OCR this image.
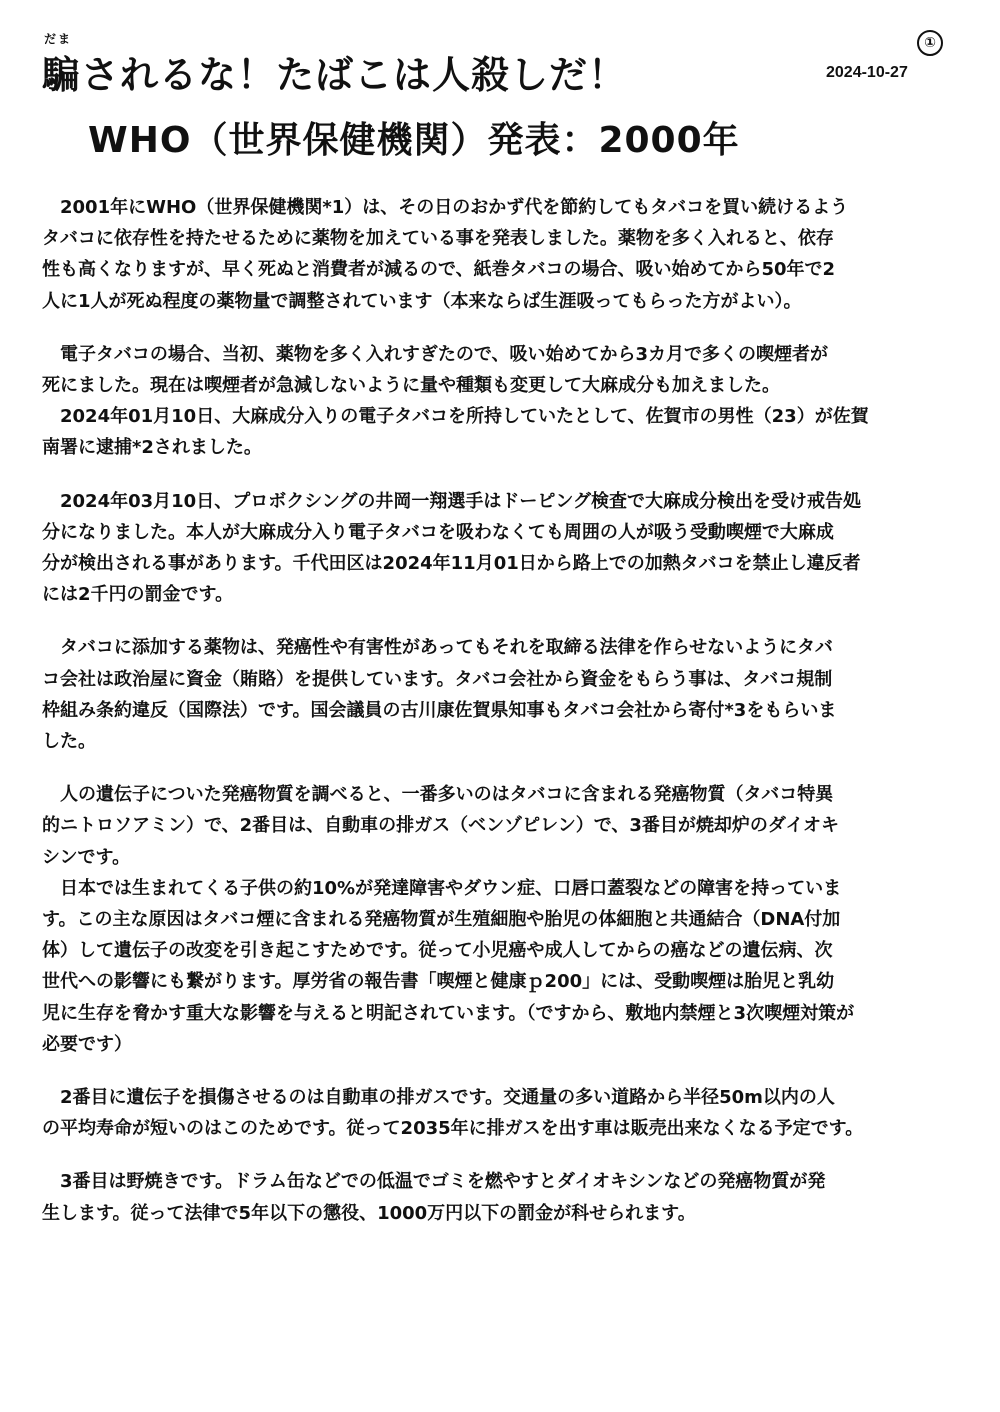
だま
騙されるな！たばこは人殺しだ！
①
2024-10-27
WHO（世界保健機関）発表：2000年
　2001年にWHO（世界保健機関*1）は、その日のおかず代を節約してもタバコを買い続けるよう
タバコに依存性を持たせるために薬物を加えている事を発表しました。薬物を多く入れると、依存
性も高くなりますが、早く死ぬと消費者が減るので、紙巻タバコの場合、吸い始めてから50年で2
人に1人が死ぬ程度の薬物量で調整されています（本来ならば生涯吸ってもらった方がよい）。
　電子タバコの場合、当初、薬物を多く入れすぎたので、吸い始めてから3カ月で多くの喫煙者が
死にました。現在は喫煙者が急減しないように量や種類も変更して大麻成分も加えました。
　2024年01月10日、大麻成分入りの電子タバコを所持していたとして、佐賀市の男性（23）が佐賀
南署に逮捕*2されました。
　2024年03月10日、プロボクシングの井岡一翔選手はドーピング検査で大麻成分検出を受け戒告処
分になりました。本人が大麻成分入り電子タバコを吸わなくても周囲の人が吸う受動喫煙で大麻成
分が検出される事があります。千代田区は2024年11月01日から路上での加熱タバコを禁止し違反者
には2千円の罰金です。
　タバコに添加する薬物は、発癌性や有害性があってもそれを取締る法律を作らせないようにタバ
コ会社は政治屋に資金（賄賂）を提供しています。タバコ会社から資金をもらう事は、タバコ規制
枠組み条約違反（国際法）です。国会議員の古川康佐賀県知事もタバコ会社から寄付*3をもらいま
した。
　人の遺伝子についた発癌物質を調べると、一番多いのはタバコに含まれる発癌物質（タバコ特異
的ニトロソアミン）で、2番目は、自動車の排ガス（ベンゾピレン）で、3番目が焼却炉のダイオキ
シンです。
　日本では生まれてくる子供の約10%が発達障害やダウン症、口唇口蓋裂などの障害を持っていま
す。この主な原因はタバコ煙に含まれる発癌物質が生殖細胞や胎児の体細胞と共通結合（DNA付加
体）して遺伝子の改変を引き起こすためです。従って小児癌や成人してからの癌などの遺伝病、次
世代への影響にも繋がります。厚労省の報告書「喫煙と健康ｐ200」には、受動喫煙は胎児と乳幼
児に生存を脅かす重大な影響を与えると明記されています。（ですから、敷地内禁煙と3次喫煙対策が
必要です）
　2番目に遺伝子を損傷させるのは自動車の排ガスです。交通量の多い道路から半径50m以内の人
の平均寿命が短いのはこのためです。従って2035年に排ガスを出す車は販売出来なくなる予定です。
　3番目は野焼きです。ドラム缶などでの低温でゴミを燃やすとダイオキシンなどの発癌物質が発
生します。従って法律で5年以下の懲役、1000万円以下の罰金が科せられます。
